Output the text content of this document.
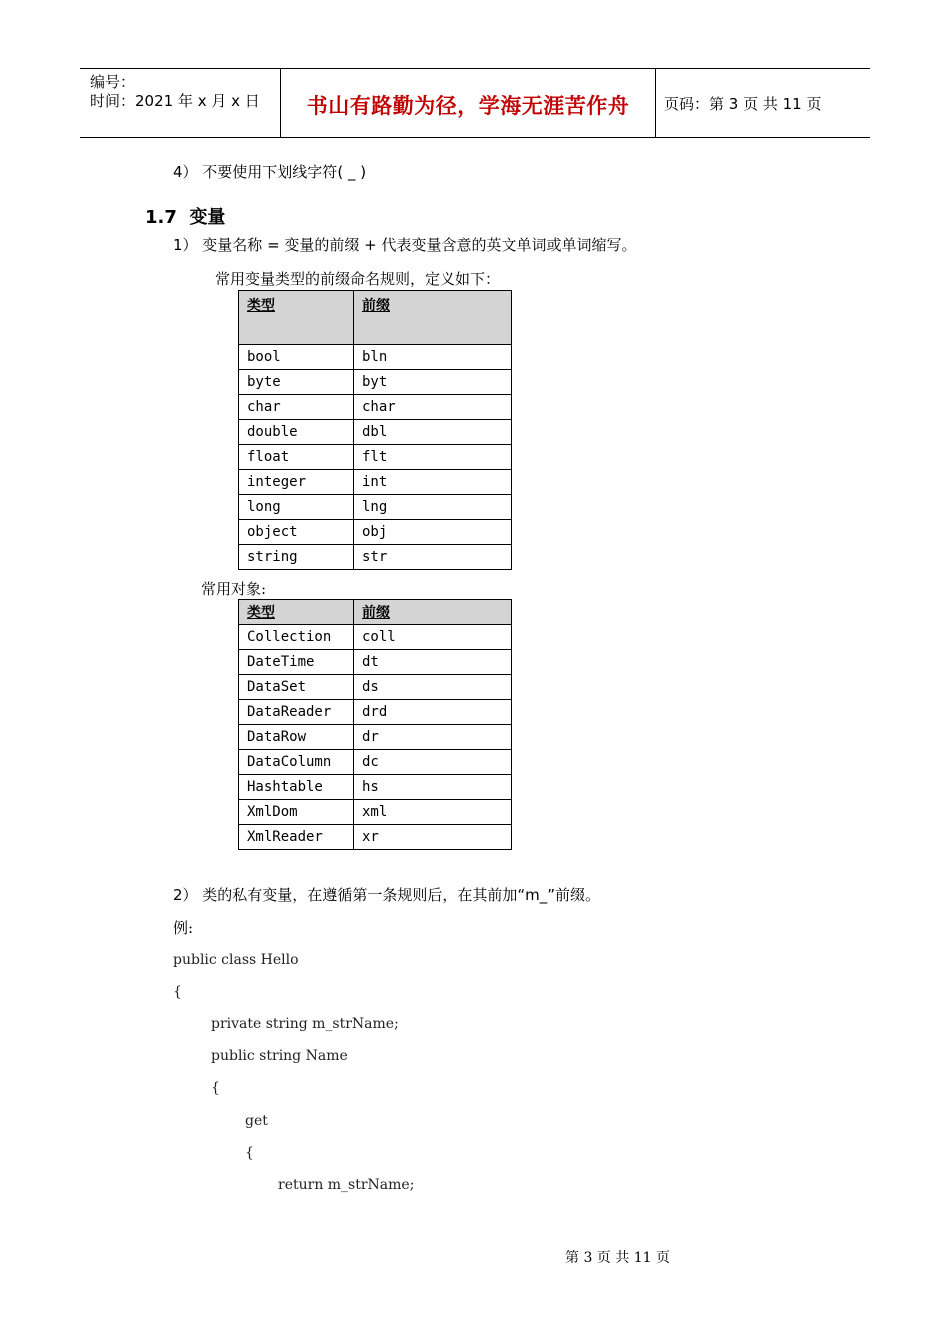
编号：
时间：2021 年 x 月 x 日	书山有路勤为径，学海无涯苦作舟	页码：第 3 页 共 11 页
4） 不要使用下划线字符( _ )
1.7 变量
1） 变量名称 = 变量的前缀 + 代表变量含意的英文单词或单词缩写。
常用变量类型的前缀命名规则，定义如下：
类型	前缀
bool	bln
byte	byt
char	char
double	dbl
float	flt
integer	int
long	lng
object	obj
string	str
常用对象:
类型	前缀
Collection	coll
DateTime	dt
DataSet	ds
DataReader	drd
DataRow	dr
DataColumn	dc
Hashtable	hs
XmlDom	xml
XmlReader	xr
2） 类的私有变量，在遵循第一条规则后，在其前加“m_”前缀。
例:
public class Hello
{
private string m_strName;
public string Name
{
get
{
return m_strName;
第 3 页 共 11 页
